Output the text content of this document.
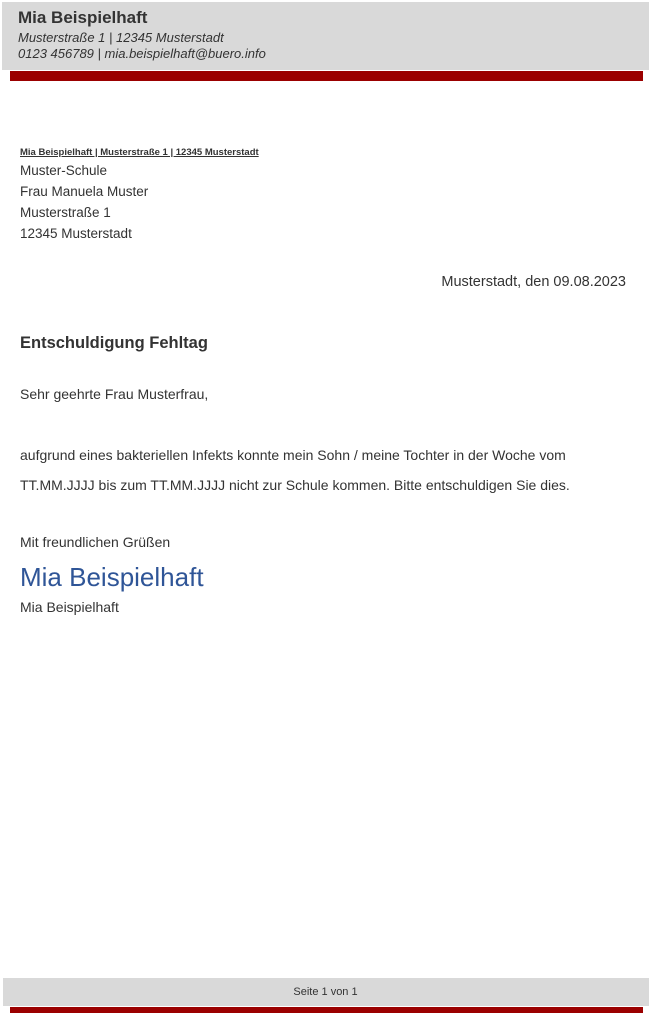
Mia Beispielhaft
Musterstraße 1 | 12345 Musterstadt
0123 456789 | mia.beispielhaft@buero.info
Mia Beispielhaft | Musterstraße 1 | 12345 Musterstadt
Muster-Schule
Frau Manuela Muster
Musterstraße 1
12345 Musterstadt
Musterstadt, den 09.08.2023
Entschuldigung Fehltag
Sehr geehrte Frau Musterfrau,
aufgrund eines bakteriellen Infekts konnte mein Sohn / meine Tochter in der Woche vom TT.MM.JJJJ bis zum TT.MM.JJJJ nicht zur Schule kommen. Bitte entschuldigen Sie dies.
Mit freundlichen Grüßen
Mia Beispielhaft
Mia Beispielhaft
Seite 1 von 1
